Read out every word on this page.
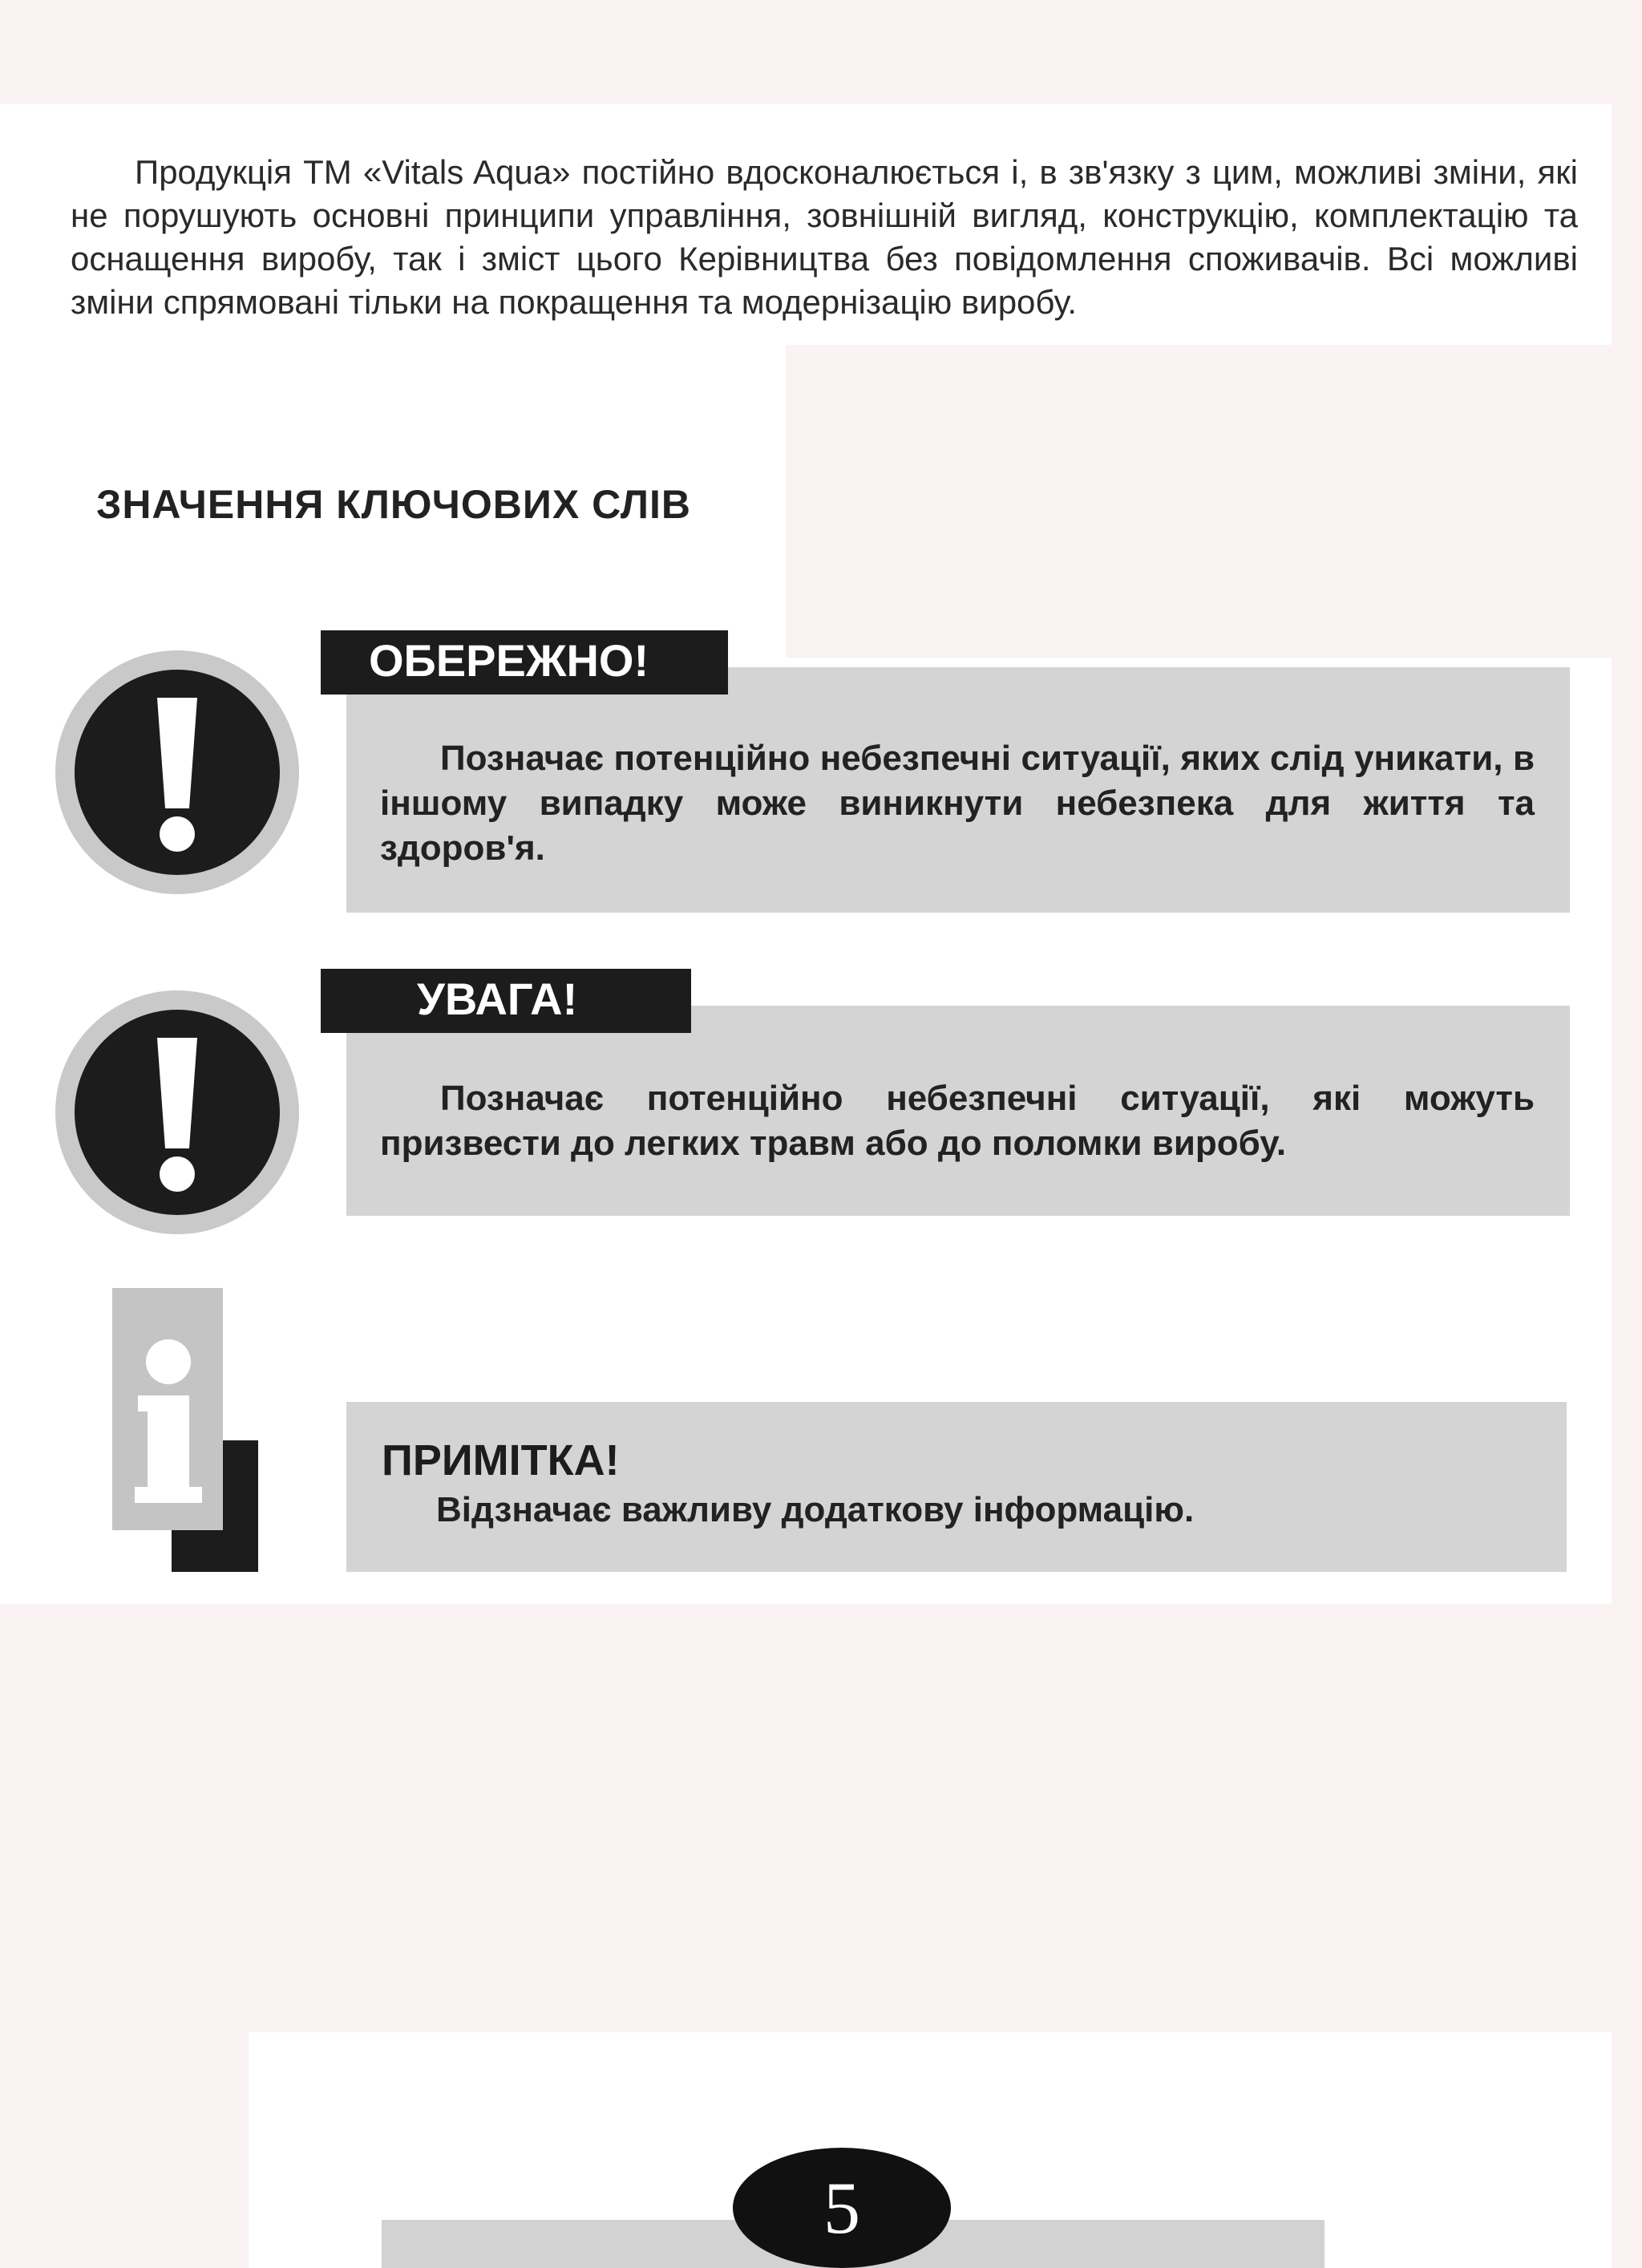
Продукція ТМ «Vitals Aqua» постійно вдосконалюється і, в зв'язку з цим, можливі зміни, які не порушують основні принципи управління, зовнішній вигляд, конструкцію, комплектацію та оснащення виробу, так і зміст цього Керівництва без повідомлення споживачів. Всі можливі зміни спрямовані тільки на покращення та модернізацію виробу.

ЗНАЧЕННЯ КЛЮЧОВИХ СЛІВ
ОБЕРЕЖНО!

Позначає потенційно небезпечні ситуації, яких слід уникати, в іншому випадку може виникнути небезпека для життя та здоров'я.

УВАГА!

Позначає потенційно небезпечні ситуації, які можуть призвести до легких травм або до поломки виробу.

ПРИМІТКА!

Відзначає важливу додаткову інформацію.

5
